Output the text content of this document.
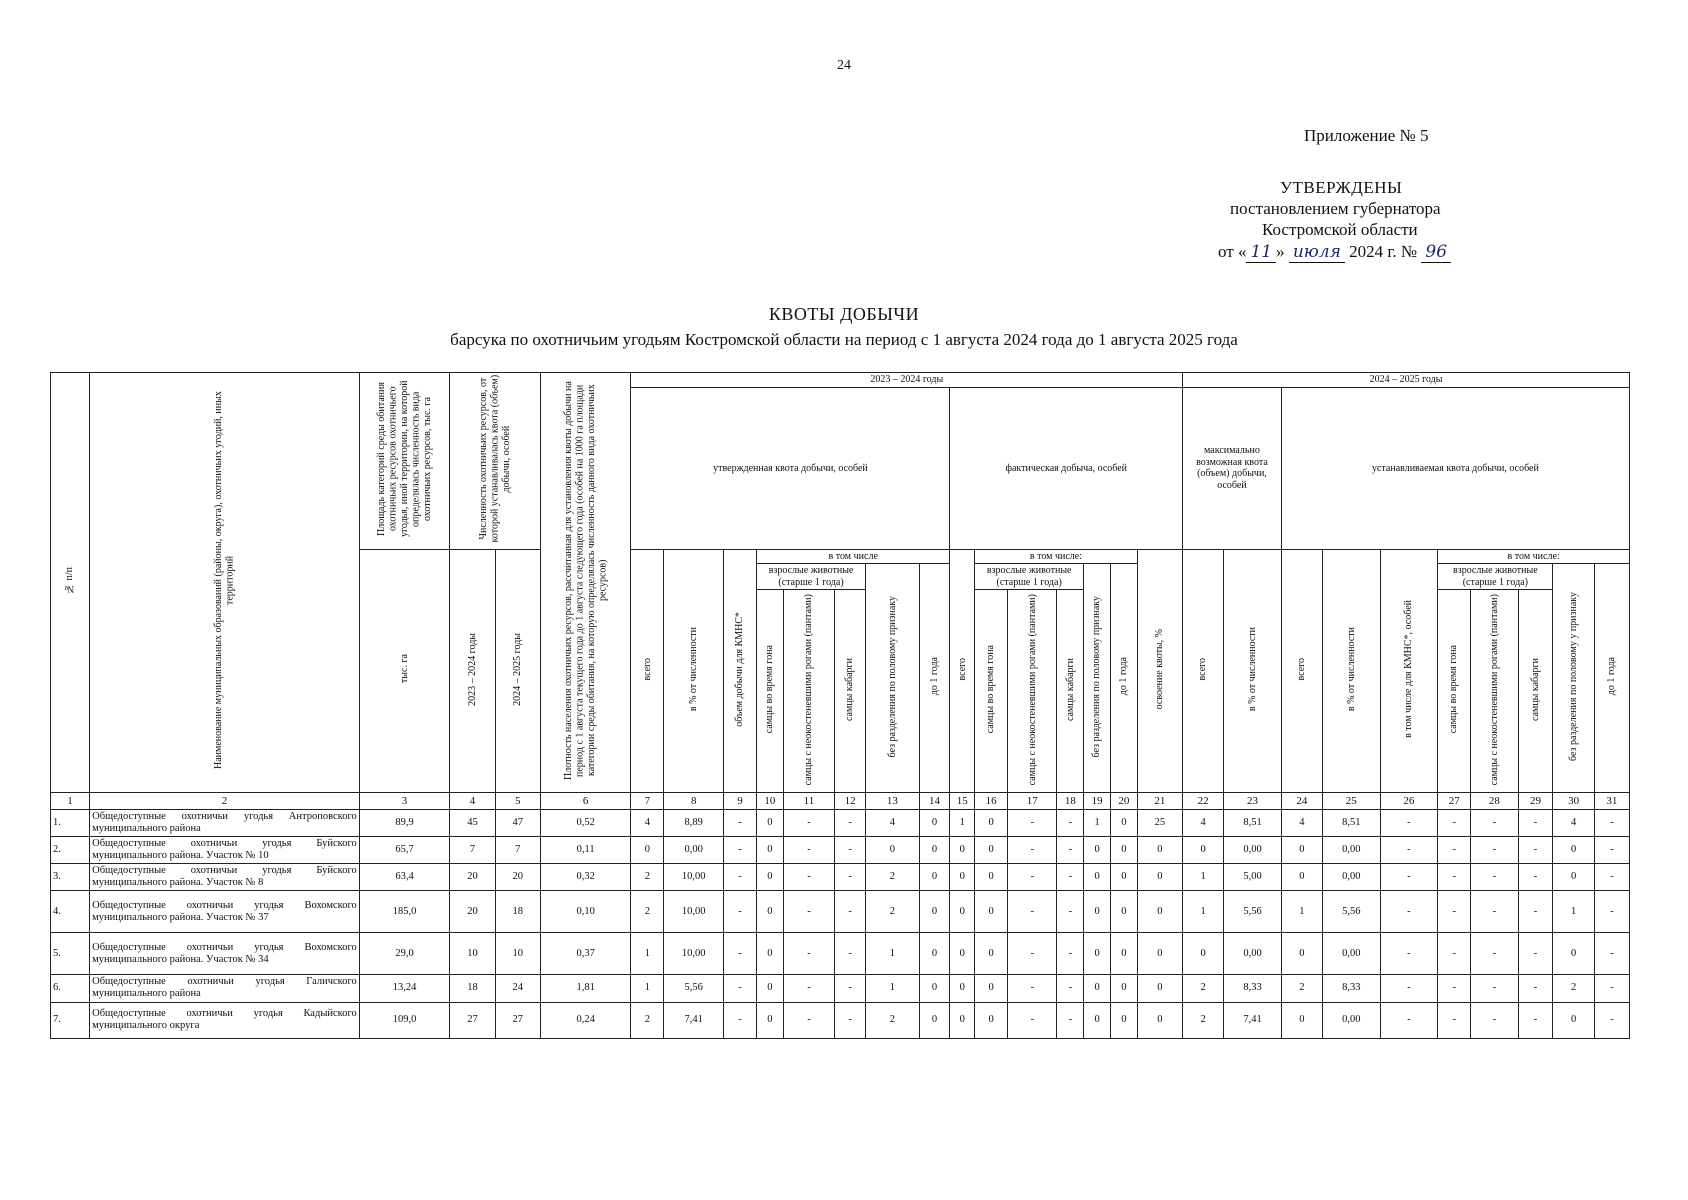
24
Приложение № 5
УТВЕРЖДЕНЫ
постановлением губернатора
Костромской области
от « 11 » июля 2024 г. № 96
КВОТЫ ДОБЫЧИ
барсука по охотничьим угодьям Костромской области на период с 1 августа 2024 года до 1 августа 2025 года
№ п/п	Наименование муниципальных образований (районы, округа), охотничьих угодий, иных территорий	Площадь категорий среды обитания охотничьих ресурсов охотничьего угодья, иной территории, на которой определялась численность вида охотничьих ресурсов, тыс. га	Численность охотничьих ресурсов, от которой устанавливалась квота (объем) добычи, особей		Плотность населения охотничьих ресурсов, рассчитанная для установления квоты добычи на период с 1 августа текущего года до 1 августа следующего года (особей на 1000 га площади категории среды обитания, на которую определялась численность данного вида охотничьих ресурсов)	2023 – 2024 годы															2024 – 2025 годы									
						утвержденная квота добычи, особей								фактическая добыча, особей							максимально возможная квота (объем) добычи, особей		устанавливаемая квота добычи, особей							
		тыс. га	2023 – 2024 годы	2024 – 2025 годы		всего	в % от численности	объем добычи для КМНС*	в том числе					всего	в том числе:					освоение квоты, %	всего	в % от численности	всего	в % от численности	в том числе для КМНС*, особей	в том числе:				
									взрослые животные (старше 1 года)			без разделения по половому признаку	до 1 года		взрослые животные (старше 1 года)			без разделения по половому признаку	до 1 года							взрослые животные (старше 1 года)			без разделения по половому у признаку	до 1 года
									самцы во время гона	самцы с неокостеневшими рогами (пантами)	самцы кабарги				самцы во время гона	самцы с неокостеневшими рогами (пантами)	самцы кабарги									самцы во время гона	самцы с неокостеневшими рогами (пантами)	самцы кабарги		

1	2	3	4	5	6	7	8	9	10	11	12	13	14	15	16	17	18	19	20	21	22	23	24	25	26	27	28	29	30	31
1.	Общедоступные охотничьи угодья Антроповского муниципального района	89,9	45	47	0,52	4	8,89	-	0	-	-	4	0	1	0	-	-	1	0	25	4	8,51	4	8,51	-	-	-	-	4	-
2.	Общедоступные охотничьи угодья Буйского муниципального района. Участок № 10	65,7	7	7	0,11	0	0,00	-	0	-	-	0	0	0	0	-	-	0	0	0	0	0,00	0	0,00	-	-	-	-	0	-
3.	Общедоступные охотничьи угодья Буйского муниципального района. Участок № 8	63,4	20	20	0,32	2	10,00	-	0	-	-	2	0	0	0	-	-	0	0	0	1	5,00	0	0,00	-	-	-	-	0	-
4.	Общедоступные охотничьи угодья Вохомского муниципального района. Участок № 37	185,0	20	18	0,10	2	10,00	-	0	-	-	2	0	0	0	-	-	0	0	0	1	5,56	1	5,56	-	-	-	-	1	-
5.	Общедоступные охотничьи угодья Вохомского муниципального района. Участок № 34	29,0	10	10	0,37	1	10,00	-	0	-	-	1	0	0	0	-	-	0	0	0	0	0,00	0	0,00	-	-	-	-	0	-
6.	Общедоступные охотничьи угодья Галичского муниципального района	13,24	18	24	1,81	1	5,56	-	0	-	-	1	0	0	0	-	-	0	0	0	2	8,33	2	8,33	-	-	-	-	2	-
7.	Общедоступные охотничьи угодья Кадыйского муниципального округа	109,0	27	27	0,24	2	7,41	-	0	-	-	2	0	0	0	-	-	0	0	0	2	7,41	0	0,00	-	-	-	-	0	-
